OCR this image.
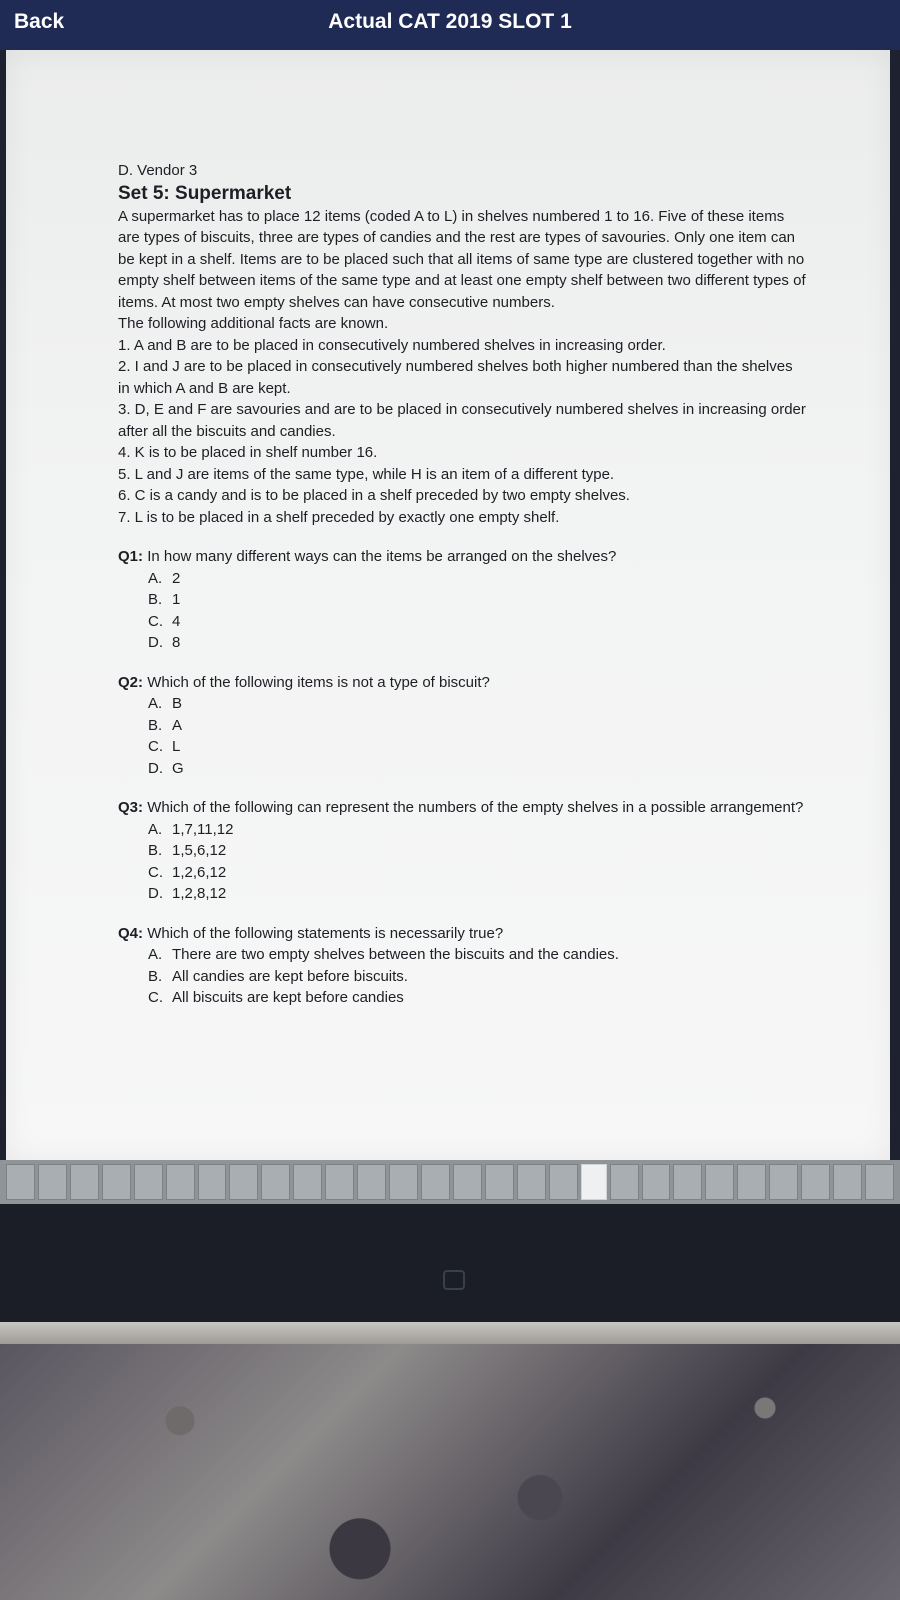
Back	Actual CAT 2019 SLOT 1

D. Vendor 3

Set 5: Supermarket

A supermarket has to place 12 items (coded A to L) in shelves numbered 1 to 16. Five of these items are types of biscuits, three are types of candies and the rest are types of savouries. Only one item can be kept in a shelf. Items are to be placed such that all items of same type are clustered together with no empty shelf between items of the same type and at least one empty shelf between two different types of items. At most two empty shelves can have consecutive numbers.

The following additional facts are known.

1. A and B are to be placed in consecutively numbered shelves in increasing order.

2. I and J are to be placed in consecutively numbered shelves both higher numbered than the shelves in which A and B are kept.

3. D, E and F are savouries and are to be placed in consecutively numbered shelves in increasing order after all the biscuits and candies.

4. K is to be placed in shelf number 16.

5. L and J are items of the same type, while H is an item of a different type.

6. C is a candy and is to be placed in a shelf preceded by two empty shelves.

7. L is to be placed in a shelf preceded by exactly one empty shelf.

Q1: In how many different ways can the items be arranged on the shelves?

A. 2
B. 1
C. 4
D. 8

Q2: Which of the following items is not a type of biscuit?

A. B
B. A
C. L
D. G

Q3: Which of the following can represent the numbers of the empty shelves in a possible arrangement?

A. 1,7,11,12
B. 1,5,6,12
C. 1,2,6,12
D. 1,2,8,12

Q4: Which of the following statements is necessarily true?

A. There are two empty shelves between the biscuits and the candies.
B. All candies are kept before biscuits.
C. All biscuits are kept before candies
